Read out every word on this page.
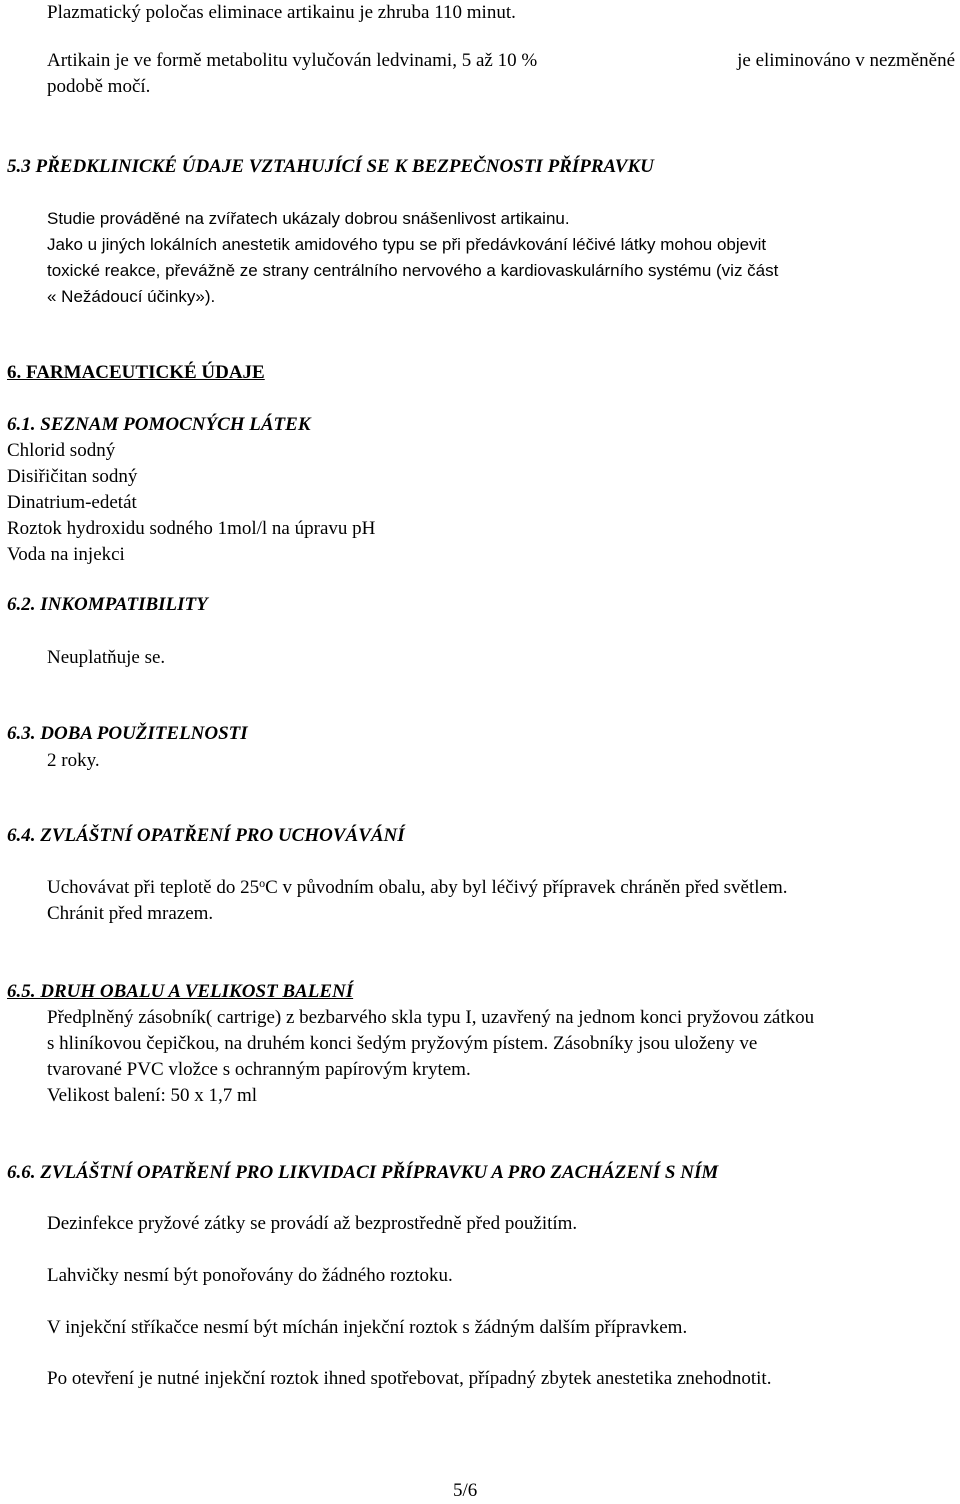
Plazmatický poločas eliminace artikainu je zhruba 110 minut.
Artikain je ve formě metabolitu vylučován ledvinami, 5 až 10 %	je eliminováno v nezměněné
podobě močí.
5.3 PŘEDKLINICKÉ ÚDAJE VZTAHUJÍCÍ SE K BEZPEČNOSTI PŘÍPRAVKU
Studie prováděné na zvířatech ukázaly dobrou snášenlivost artikainu.
Jako u jiných lokálních anestetik amidového typu se při předávkování léčivé látky mohou objevit
toxické reakce, převážně ze strany centrálního nervového a kardiovaskulárního systému (viz část
« Nežádoucí účinky»).
6. FARMACEUTICKÉ ÚDAJE
6.1. SEZNAM POMOCNÝCH LÁTEK
Chlorid sodný
Disiřičitan sodný
Dinatrium-edetát
Roztok hydroxidu sodného 1mol/l na úpravu pH
Voda na injekci
6.2. INKOMPATIBILITY
Neuplatňuje se.
6.3. DOBA POUŽITELNOSTI
2 roky.
6.4. ZVLÁŠTNÍ OPATŘENÍ PRO UCHOVÁVÁNÍ
Uchovávat při teplotě do 25$^o$C v původním obalu, aby byl léčivý přípravek chráněn před světlem.
Chránit před mrazem.
6.5. DRUH OBALU A VELIKOST BALENÍ
Předplněný zásobník( cartrige) z bezbarvého skla typu I, uzavřený na jednom konci pryžovou zátkou
s hliníkovou čepičkou, na druhém konci šedým pryžovým pístem. Zásobníky jsou uloženy ve
tvarované PVC vložce s ochranným papírovým krytem.
Velikost balení: 50 x 1,7 ml
6.6. ZVLÁŠTNÍ OPATŘENÍ PRO LIKVIDACI PŘÍPRAVKU A PRO ZACHÁZENÍ S NÍM
Dezinfekce pryžové zátky se provádí až bezprostředně před použitím.
Lahvičky nesmí být ponořovány do žádného roztoku.
V injekční stříkačce nesmí být míchán injekční roztok s žádným dalším přípravkem.
Po otevření je nutné injekční roztok ihned spotřebovat, případný zbytek anestetika znehodnotit.
5/6
